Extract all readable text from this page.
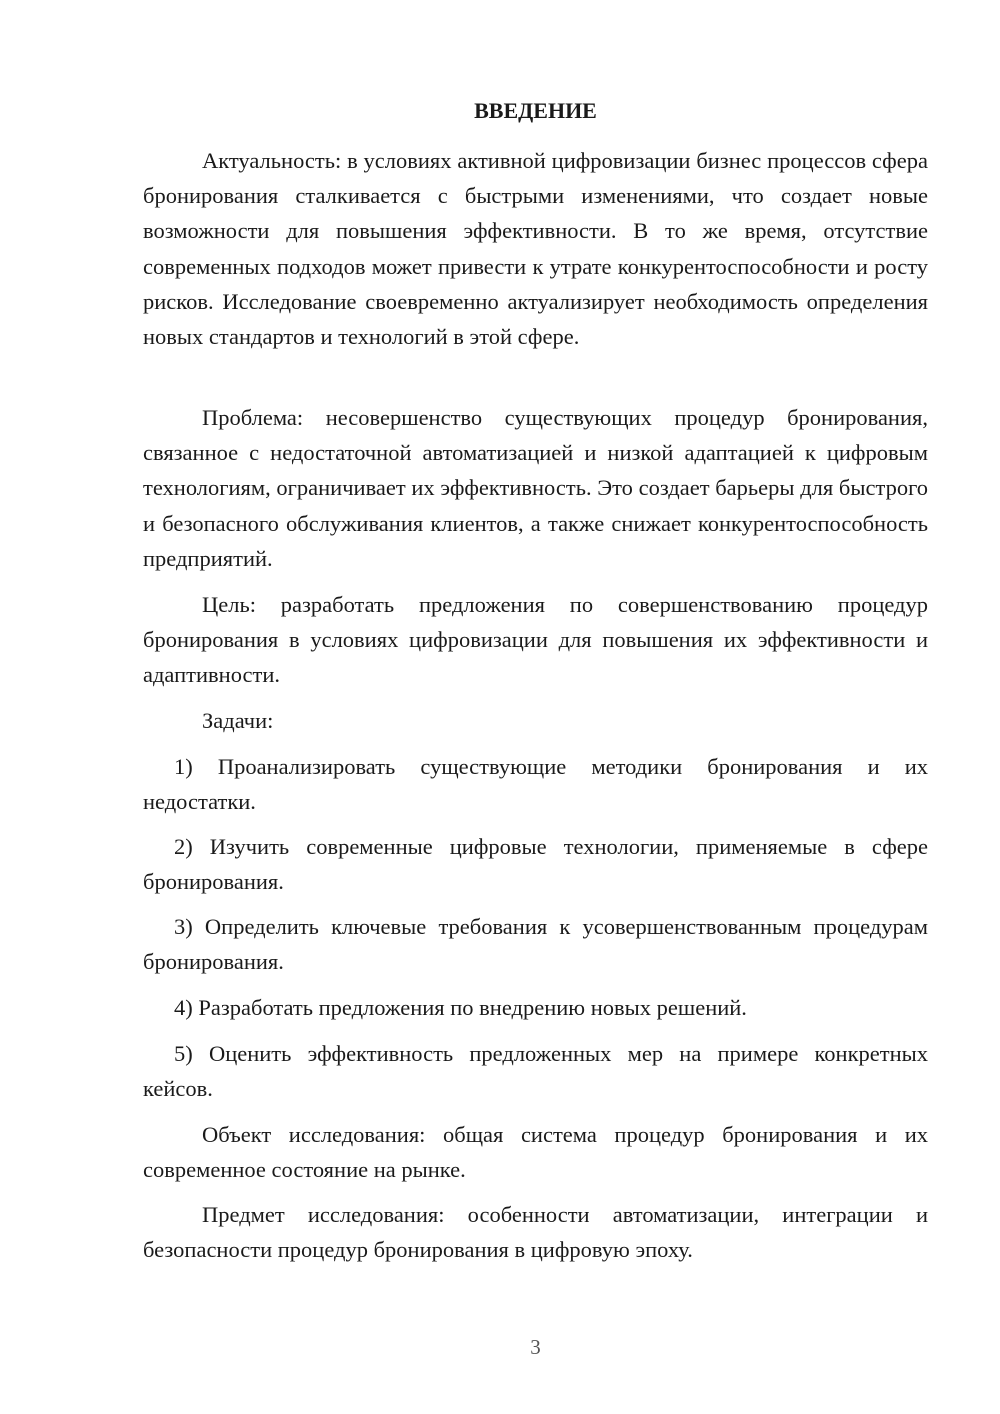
ВВЕДЕНИЕ

Актуальность: в условиях активной цифровизации бизнес процессов сфера бронирования сталкивается с быстрыми изменениями, что создает новые возможности для повышения эффективности. В то же время, отсутствие современных подходов может привести к утрате конкурентоспособности и росту рисков. Исследование своевременно актуализирует необходимость определения новых стандартов и технологий в этой сфере.

Проблема: несовершенство существующих процедур бронирования, связанное с недостаточной автоматизацией и низкой адаптацией к цифровым технологиям, ограничивает их эффективность. Это создает барьеры для быстрого и безопасного обслуживания клиентов, а также снижает конкурентоспособность предприятий.

Цель: разработать предложения по совершенствованию процедур бронирования в условиях цифровизации для повышения их эффективности и адаптивности.

Задачи:

1) Проанализировать существующие методики бронирования и их недостатки.

2) Изучить современные цифровые технологии, применяемые в сфере бронирования.

3) Определить ключевые требования к усовершенствованным процедурам бронирования.

4) Разработать предложения по внедрению новых решений.

5) Оценить эффективность предложенных мер на примере конкретных кейсов.

Объект исследования: общая система процедур бронирования и их современное состояние на рынке.

Предмет исследования: особенности автоматизации, интеграции и безопасности процедур бронирования в цифровую эпоху.

3
